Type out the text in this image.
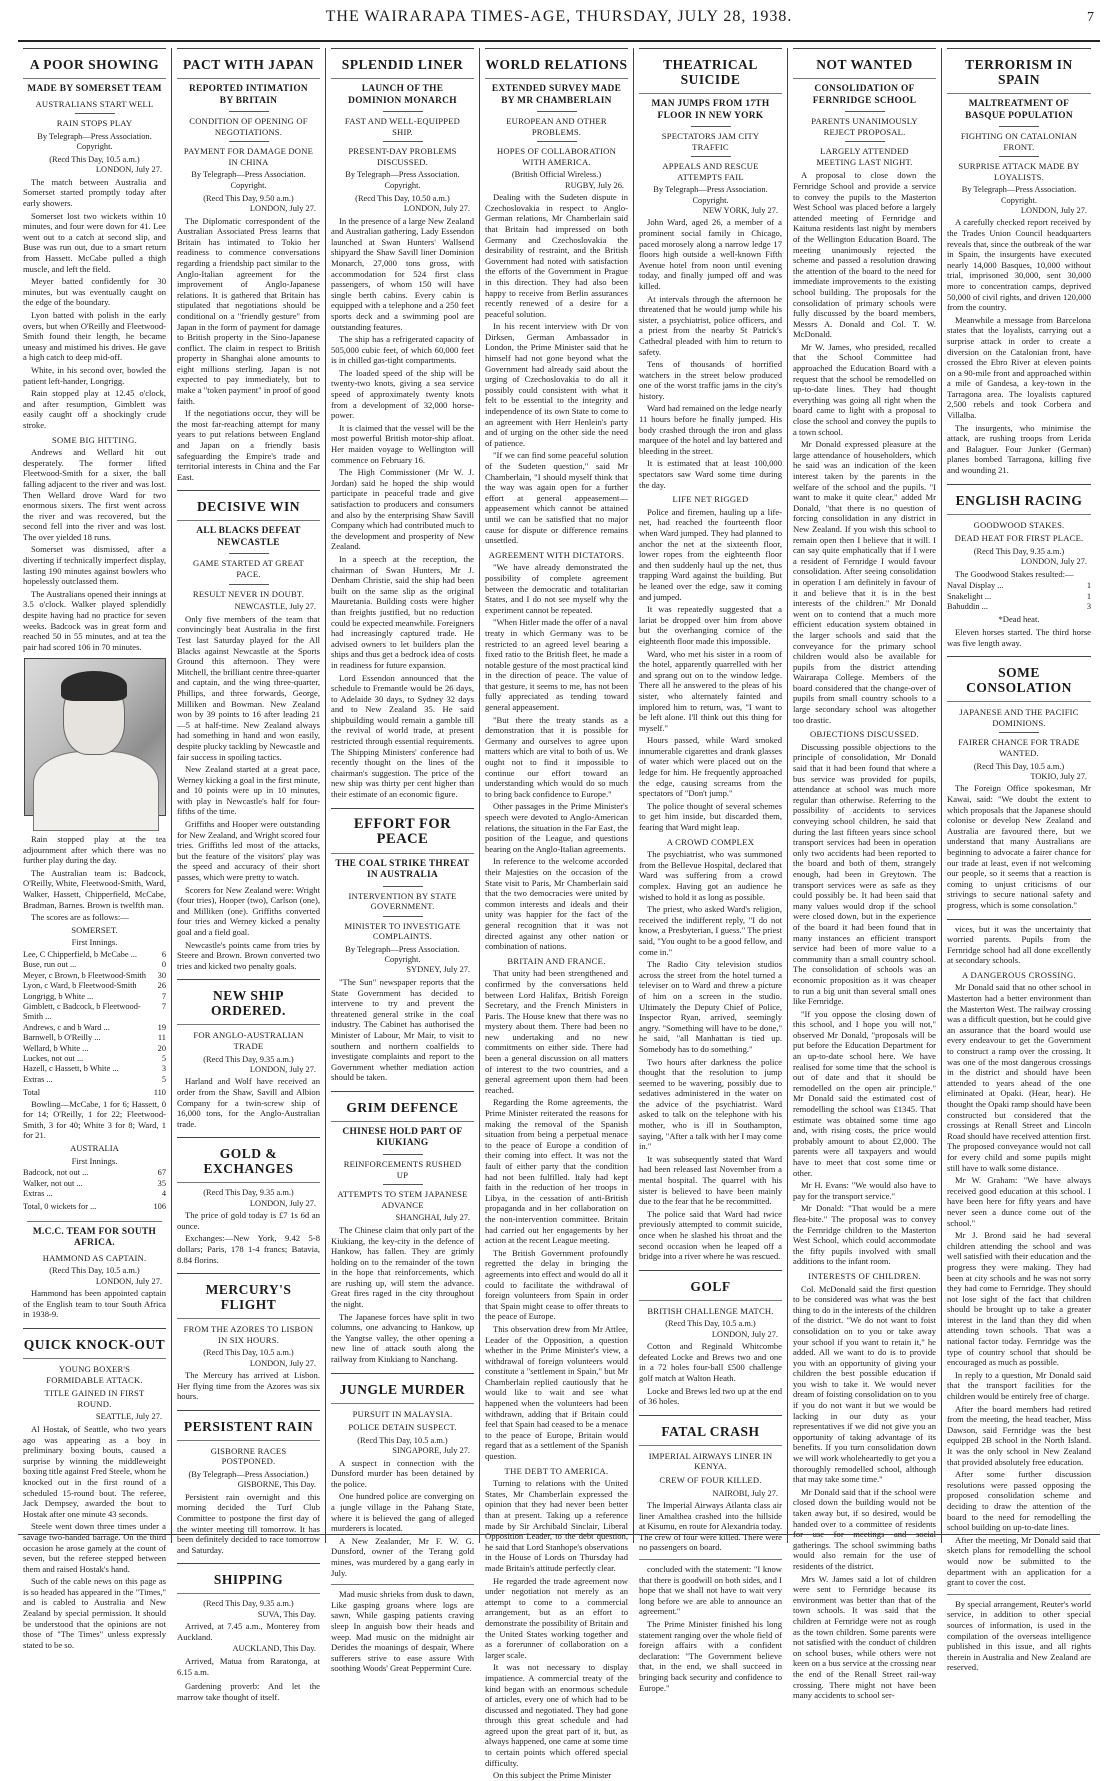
THE WAIRARAPA TIMES-AGE, THURSDAY, JULY 28, 1938.	7
A POOR SHOWING
MADE BY SOMERSET TEAM
AUSTRALIANS START WELL
RAIN STOPS PLAY
By Telegraph—Press Association. Copyright.
(Recd This Day, 10.5 a.m.)
LONDON, July 27.
The match between Australia and Somerset started promptly today after early showers.
Somerset lost two wickets within 10 minutes, and four were down for 41. Lee went out to a catch at second slip, and Buse was run out, due to a smart return from Hassett. McCabe pulled a thigh muscle, and left the field.
Meyer batted confidently for 30 minutes, but was eventually caught on the edge of the boundary.
Lyon batted with polish in the early overs, but when O'Reilly and Fleetwood-Smith found their length, he became uneasy and mistimed his drives. He gave a high catch to deep mid-off.
White, in his second over, bowled the patient left-hander, Longrigg.
Rain stopped play at 12.45 o'clock, and after resumption, Gimblett was easily caught off a shockingly crude stroke.
SOME BIG HITTING.
Andrews and Wellard hit out desperately. The former lifted Fleetwood-Smith for a sixer, the ball falling adjacent to the river and was lost. Then Wellard drove Ward for two enormous sixers. The first went across the river and was recovered, but the second fell into the river and was lost. The over yielded 18 runs.
Somerset was dismissed, after a diverting if technically imperfect display, lasting 190 minutes against bowlers who hopelessly outclassed them.
The Australians opened their innings at 3.5 o'clock. Walker played splendidly despite having had no practice for seven weeks. Badcock was in great form and reached 50 in 55 minutes, and at tea the pair had scored 106 in 70 minutes.
Rain stopped play at the tea adjournment after which there was no further play during the day.
The Australian team is: Badcock, O'Reilly, White, Fleetwood-Smith, Ward, Walker, Hassett, Chipperfield, McCabe, Bradman, Barnes. Brown is twelfth man.
The scores are as follows:—
SOMERSET.
First Innings.
Lee, C Chipperfield, b McCabe ...	6
Buse, run out ...	0
Meyer, c Brown, b Fleetwood-Smith	30
Lyon, c Ward, b Fleetwood-Smith	26
Longrigg, b White ...	7
Gimblett, c Badcock, b Fleetwood-Smith ...
7
Andrews, c and b Ward ...	19
Barnwell, b O'Reilly ...	11
Wellard, b White ...	20
Luckes, not out ...	5
Hazell, c Hassett, b White ...	3
Extras ...	5
Total	110
Bowling—McCabe, 1 for 6; Hassett, 0 for 14; O'Reilly, 1 for 22; Fleetwood-Smith, 3 for 40; White 3 for 8; Ward, 1 for 21.
AUSTRALIA
First Innings.
Badcock, not out ...	67
Walker, not out ...	35
Extras ...	4
Total, 0 wickets for ...	106
M.C.C. TEAM FOR SOUTH AFRICA.
HAMMOND AS CAPTAIN.
(Recd This Day, 10.5 a.m.)
LONDON, July 27.
Hammond has been appointed captain of the English team to tour South Africa in 1938-9.
QUICK KNOCK-OUT
YOUNG BOXER'S FORMIDABLE ATTACK.
TITLE GAINED IN FIRST ROUND.
SEATTLE, July 27.
Al Hostak, of Seattle, who two years ago was appearing as a boy in preliminary boxing bouts, caused a surprise by winning the middleweight boxing title against Fred Steele, whom he knocked out in the first round of a scheduled 15-round bout. The referee, Jack Dempsey, awarded the bout to Hostak after one minute 43 seconds.
Steele went down three times under a savage two-handed barrage. On the third occasion he arose gamely at the count of seven, but the referee stepped between them and raised Hostak's hand.
Such of the cable news on this page as is so headed has appeared in the "Times," and is cabled to Australia and New Zealand by special permission. It should be understood that the opinions are not those of "The Times" unless expressly stated to be so.
PACT WITH JAPAN
REPORTED INTIMATION BY BRITAIN
CONDITION OF OPENING OF NEGOTIATIONS.
PAYMENT FOR DAMAGE DONE IN CHINA
By Telegraph—Press Association. Copyright.
(Recd This Day, 9.50 a.m.)
LONDON, July 27.
The Diplomatic correspondent of the Australian Associated Press learns that Britain has intimated to Tokio her readiness to commence conversations regarding a friendship pact similar to the Anglo-Italian agreement for the improvement of Anglo-Japanese relations. It is gathered that Britain has stipulated that negotiations should be conditional on a "friendly gesture" from Japan in the form of payment for damage to British property in the Sino-Japanese conflict. The claim in respect to British property in Shanghai alone amounts to eight millions sterling. Japan is not expected to pay immediately, but to make a "token payment" in proof of good faith.
If the negotiations occur, they will be the most far-reaching attempt for many years to put relations between England and Japan on a friendly basis safeguarding the Empire's trade and territorial interests in China and the Far East.
DECISIVE WIN
ALL BLACKS DEFEAT NEWCASTLE
GAME STARTED AT GREAT PACE.
RESULT NEVER IN DOUBT.
NEWCASTLE, July 27.
Only five members of the team that convincingly beat Australia in the first Test last Saturday played for the All Blacks against Newcastle at the Sports Ground this afternoon. They were Mitchell, the brilliant centre three-quarter and captain, and the wing three-quarter, Phillips, and three forwards, George, Milliken and Bowman. New Zealand won by 39 points to 16 after leading 21—5 at half-time. New Zealand always had something in hand and won easily, despite plucky tackling by Newcastle and fair success in spoiling tactics.
New Zealand started at a great pace, Werney kicking a goal in the first minute, and 10 points were up in 10 minutes, with play in Newcastle's half for four-fifths of the time.
Griffiths and Hooper were outstanding for New Zealand, and Wright scored four tries. Griffiths led most of the attacks, but the feature of the visitors' play was the speed and accuracy of their short passes, which were pretty to watch.
Scorers for New Zealand were: Wright (four tries), Hooper (two), Carlson (one), and Milliken (one). Griffiths converted four tries and Werney kicked a penalty goal and a field goal.
Newcastle's points came from tries by Steere and Brown. Brown converted two tries and kicked two penalty goals.
NEW SHIP ORDERED.
FOR ANGLO-AUSTRALIAN TRADE
(Recd This Day, 9.35 a.m.)
LONDON, July 27.
Harland and Wolf have received an order from the Shaw, Savill and Albion Company for a twin-screw ship of 16,000 tons, for the Anglo-Australian trade.
GOLD & EXCHANGES
(Recd This Day, 9.35 a.m.)
LONDON, July 27.
The price of gold today is £7 1s 6d an ounce.
Exchanges:—New York, 9.42 5-8 dollars; Paris, 178 1-4 francs; Batavia, 8.84 florins.
MERCURY'S FLIGHT
FROM THE AZORES TO LISBON IN SIX HOURS.
(Recd This Day, 10.5 a.m.)
LONDON, July 27.
The Mercury has arrived at Lisbon. Her flying time from the Azores was six hours.
PERSISTENT RAIN
GISBORNE RACES POSTPONED.
(By Telegraph—Press Association.)
GISBORNE, This Day.
Persistent rain overnight and this morning decided the Turf Club Committee to postpone the first day of the winter meeting till tomorrow. It has been definitely decided to race tomorrow and Saturday.
SHIPPING
(Recd This Day, 9.35 a.m.)
SUVA, This Day.
Arrived, at 7.45 a.m., Monterey from Auckland.
AUCKLAND, This Day.
Arrived, Matua from Raratonga, at 6.15 a.m.
Gardening proverb: And let the marrow take thought of itself.
SPLENDID LINER
LAUNCH OF THE DOMINION MONARCH
FAST AND WELL-EQUIPPED SHIP.
PRESENT-DAY PROBLEMS DISCUSSED.
By Telegraph—Press Association. Copyright.
(Recd This Day, 10.50 a.m.)
LONDON, July 27.
In the presence of a large New Zealand and Australian gathering, Lady Essendon launched at Swan Hunters' Wallsend shipyard the Shaw Savill liner Dominion Monarch, 27,000 tons gross, with accommodation for 524 first class passengers, of whom 150 will have single berth cabins. Every cabin is equipped with a telephone and a 250 feet sports deck and a swimming pool are outstanding features.
The ship has a refrigerated capacity of 505,000 cubic feet, of which 60,000 feet is in chilled gas-tight compartments.
The loaded speed of the ship will be twenty-two knots, giving a sea service speed of approximately twenty knots from a development of 32,000 horse-power.
It is claimed that the vessel will be the most powerful British motor-ship afloat. Her maiden voyage to Wellington will commence on February 16.
The High Commissioner (Mr W. J. Jordan) said he hoped the ship would participate in peaceful trade and give satisfaction to producers and consumers and also by the enterprising Shaw Savill Company which had contributed much to the development and prosperity of New Zealand.
In a speech at the reception, the chairman of Swan Hunters, Mr J. Denham Christie, said the ship had been built on the same slip as the original Mauretania. Building costs were higher than freights justified, but no reduction could be expected meanwhile. Foreigners had increasingly captured trade. He advised owners to let builders plan the ships and thus get a bedrock idea of costs in readiness for future expansion.
Lord Essendon announced that the schedule to Fremantle would be 26 days, to Adelaide 30 days, to Sydney 32 days and to New Zealand 35. He said shipbuilding would remain a gamble till the revival of world trade, at present restricted through essential requirements. The Shipping Ministers' conference had recently thought on the lines of the chairman's suggestion. The price of the new ship was thirty per cent higher than their estimate of an economic figure.
EFFORT FOR PEACE
THE COAL STRIKE THREAT IN AUSTRALIA
INTERVENTION BY STATE GOVERNMENT.
MINISTER TO INVESTIGATE COMPLAINTS.
By Telegraph—Press Association. Copyright.
SYDNEY, July 27.
"The Sun" newspaper reports that the State Government has decided to intervene to try and prevent the threatened general strike in the coal industry. The Cabinet has authorised the Minister of Labour, Mr Mair, to visit to southern and northern coalfields to investigate complaints and report to the Government whether mediation action should be taken.
GRIM DEFENCE
CHINESE HOLD PART OF KIUKIANG
REINFORCEMENTS RUSHED UP
ATTEMPTS TO STEM JAPANESE ADVANCE
SHANGHAI, July 27.
The Chinese claim that only part of the Kiukiang, the key-city in the defence of Hankow, has fallen. They are grimly holding on to the remainder of the town in the hope that reinforcements, which are rushing up, will stem the advance. Great fires raged in the city throughout the night.
The Japanese forces have split in two columns, one advancing to Hankow, up the Yangtse valley, the other opening a new line of attack south along the railway from Kiukiang to Nanchang.
JUNGLE MURDER
PURSUIT IN MALAYSIA.
POLICE DETAIN SUSPECT.
(Recd This Day, 10.5 a.m.)
SINGAPORE, July 27.
A suspect in connection with the Dunsford murder has been detained by the police.
One hundred police are converging on a jungle village in the Pahang State, where it is believed the gang of alleged murderers is located.
A New Zealander, Mr F. W. G. Dunsford, owner of the Terang gold mines, was murdered by a gang early in July.
Mad music shrieks from dusk to dawn, Like gasping groans where logs are sawn, While gasping patients craving sleep In anguish bow their heads and weep. Mad music on the midnight air Derides the moanings of despair, Where sufferers strive to ease assure With soothing Woods' Great Peppermint Cure.
WORLD RELATIONS
EXTENDED SURVEY MADE BY MR CHAMBERLAIN
EUROPEAN AND OTHER PROBLEMS.
HOPES OF COLLABORATION WITH AMERICA.
(British Official Wireless.)
RUGBY, July 26.
Dealing with the Sudeten dispute in Czechoslovakia in respect to Anglo-German relations, Mr Chamberlain said that Britain had impressed on both Germany and Czechoslovakia the desirability of restraint, and the British Government had noted with satisfaction the efforts of the Government in Prague in this direction. They had also been happy to receive from Berlin assurances recently renewed of a desire for a peaceful solution.
In his recent interview with Dr von Dirksen, German Ambassador in London, the Prime Minister said that he himself had not gone beyond what the Government had already said about the urging of Czechoslovakia to do all it possibly could consistent with what it felt to be essential to the integrity and independence of its own State to come to an agreement with Herr Henlein's party and of urging on the other side the need of patience.
"If we can find some peaceful solution of the Sudeten question," said Mr Chamberlain, "I should myself think that the way was again open for a further effort at general appeasement—appeasement which cannot be attained until we can be satisfied that no major cause for dispute or difference remains unsettled.
AGREEMENT WITH DICTATORS.
"We have already demonstrated the possibility of complete agreement between the democratic and totalitarian States, and I do not see myself why the experiment cannot be repeated.
"When Hitler made the offer of a naval treaty in which Germany was to be restricted to an agreed level bearing a fixed ratio to the British fleet, he made a notable gesture of the most practical kind in the direction of peace. The value of that gesture, it seems to me, has not been fully appreciated as tending toward general appeasement.
"But there the treaty stands as a demonstration that it is possible for Germany and ourselves to agree upon matters which are vital to both of us. We ought not to find it impossible to continue our effort toward an understanding which would do so much to bring back confidence to Europe."
Other passages in the Prime Minister's speech were devoted to Anglo-American relations, the situation in the Far East, the position of the League, and questions bearing on the Anglo-Italian agreements.
In reference to the welcome accorded their Majesties on the occasion of the State visit to Paris, Mr Chamberlain said that the two democracies were united by common interests and ideals and their unity was happier for the fact of the general recognition that it was not directed against any other nation or combination of nations.
BRITAIN AND FRANCE.
That unity had been strengthened and confirmed by the conversations held between Lord Halifax, British Foreign Secretary, and the French Ministers in Paris. The House knew that there was no mystery about them. There had been no new undertaking and no new commitments on either side. There had been a general discussion on all matters of interest to the two countries, and a general agreement upon them had been reached.
Regarding the Rome agreements, the Prime Minister reiterated the reasons for making the removal of the Spanish situation from being a perpetual menace to the peace of Europe a condition of their coming into effect. It was not the fault of either party that the condition had not been fulfilled. Italy had kept faith in the reduction of her troops in Libya, in the cessation of anti-British propaganda and in her collaboration on the non-intervention committee. Britain had carried out her engagements by her action at the recent League meeting.
The British Government profoundly regretted the delay in bringing the agreements into effect and would do all it could to facilitate the withdrawal of foreign volunteers from Spain in order that Spain might cease to offer threats to the peace of Europe.
This observation drew from Mr Attlee, Leader of the Opposition, a question whether in the Prime Minister's view, a withdrawal of foreign volunteers would constitute a "settlement in Spain," but Mr Chamberlain replied cautiously that he would like to wait and see what happened when the volunteers had been withdrawn, adding that if Britain could feel that Spain had ceased to be a menace to the peace of Europe, Britain would regard that as a settlement of the Spanish question.
THE DEBT TO AMERICA.
Turning to relations with the United States, Mr Chamberlain expressed the opinion that they had never been better than at present. Taking up a reference made by Sir Archibald Sinclair, Liberal Opposition Leader, to the debt question, he said that Lord Stanhope's observations in the House of Lords on Thursday had made Britain's attitude perfectly clear.
He regarded the trade agreement now under negotiation not merely as an attempt to come to a commercial arrangement, but as an effort to demonstrate the possibility of Britain and the United States working together and as a forerunner of collaboration on a larger scale.
It was not necessary to display impatience. A commercial treaty of the kind began with an enormous schedule of articles, every one of which had to be discussed and negotiated. They had gone through this great schedule and had agreed upon the great part of it, but, as always happened, one came at some time to certain points which offered special difficulty.
On this subject the Prime Minister
THEATRICAL SUICIDE
MAN JUMPS FROM 17TH FLOOR IN NEW YORK
SPECTATORS JAM CITY TRAFFIC
APPEALS AND RESCUE ATTEMPTS FAIL
By Telegraph—Press Association. Copyright.
NEW YORK, July 27.
John Ward, aged 26, a member of a prominent social family in Chicago, paced morosely along a narrow ledge 17 floors high outside a well-known Fifth Avenue hotel from noon until evening today, and finally jumped off and was killed.
At intervals through the afternoon he threatened that he would jump while his sister, a psychiatrist, police officers, and a priest from the nearby St Patrick's Cathedral pleaded with him to return to safety.
Tens of thousands of horrified watchers in the street below produced one of the worst traffic jams in the city's history.
Ward had remained on the ledge nearly 11 hours before he finally jumped. His body crashed through the iron and glass marquee of the hotel and lay battered and bleeding in the street.
It is estimated that at least 100,000 spectators saw Ward some time during the day.
LIFE NET RIGGED
Police and firemen, hauling up a life-net, had reached the fourteenth floor when Ward jumped. They had planned to anchor the net at the sixteenth floor, lower ropes from the eighteenth floor and then suddenly haul up the net, thus trapping Ward against the building. But he leaned over the edge, saw it coming and jumped.
It was repeatedly suggested that a lariat be dropped over him from above but the overhanging cornice of the eighteenth floor made this impossible.
Ward, who met his sister in a room of the hotel, apparently quarrelled with her and sprang out on to the window ledge. There all he answered to the pleas of his sister, who alternately fainted and implored him to return, was, "I want to be left alone. I'll think out this thing for myself."
Hours passed, while Ward smoked innumerable cigarettes and drank glasses of water which were placed out on the ledge for him. He frequently approached the edge, causing screams from the spectators of "Don't jump."
The police thought of several schemes to get him inside, but discarded them, fearing that Ward might leap.
A CROWD COMPLEX
The psychiatrist, who was summoned from the Bellevue Hospital, declared that Ward was suffering from a crowd complex. Having got an audience he wished to hold it as long as possible.
The priest, who asked Ward's religion, received the indifferent reply, "I do not know, a Presbyterian, I guess." The priest said, "You ought to be a good fellow, and come in."
The Radio City television studios across the street from the hotel turned a televiser on to Ward and threw a picture of him on a screen in the studio. Ultimately the Deputy Chief of Police, Inspector Ryan, arrived, seemingly angry. "Something will have to be done," he said, "all Manhattan is tied up. Somebody has to do something."
Two hours after darkness the police thought that the resolution to jump seemed to be wavering, possibly due to sedatives administered in the water on the advice of the psychiatrist. Ward asked to talk on the telephone with his mother, who is ill in Southampton, saying, "After a talk with her I may come in."
It was subsequently stated that Ward had been released last November from a mental hospital. The quarrel with his sister is believed to have been mainly due to the fear that he be recommitted.
The police said that Ward had twice previously attempted to commit suicide, once when he slashed his throat and the second occasion when he leaped off a bridge into a river where he was rescued.
GOLF
BRITISH CHALLENGE MATCH.
(Recd This Day, 10.5 a.m.)
LONDON, July 27.
Cotton and Reginald Whitcombe defeated Locke and Brews two and one in a 72 holes four-ball £500 challenge golf match at Walton Heath.
Locke and Brews led two up at the end of 36 holes.
FATAL CRASH
IMPERIAL AIRWAYS LINER IN KENYA.
CREW OF FOUR KILLED.
NAIROBI, July 27.
The Imperial Airways Atlanta class air liner Amalthea crashed into the hillside at Kisumu, en route for Alexandria today. The crew of four were killed. There were no passengers on board.
concluded with the statement: "I know that there is goodwill on both sides, and I hope that we shall not have to wait very long before we are able to announce an agreement."
The Prime Minister finished his long statement ranging over the whole field of foreign affairs with a confident declaration: "The Government believe that, in the end, we shall succeed in bringing back security and confidence to Europe."
NOT WANTED
CONSOLIDATION OF FERNRIDGE SCHOOL
PARENTS UNANIMOUSLY REJECT PROPOSAL.
LARGELY ATTENDED MEETING LAST NIGHT.
A proposal to close down the Fernridge School and provide a service to convey the pupils to the Masterton West School was placed before a largely attended meeting of Fernridge and Kaituna residents last night by members of the Wellington Education Board. The meeting unanimously rejected the scheme and passed a resolution drawing the attention of the board to the need for immediate improvements to the existing school building. The proposals for the consolidation of primary schools were fully discussed by the board members, Messrs A. Donald and Col. T. W. McDonald.
Mr W. James, who presided, recalled that the School Committee had approached the Education Board with a request that the school be remodelled on up-to-date lines. They had thought everything was going all right when the board came to light with a proposal to close the school and convey the pupils to a town school.
Mr Donald expressed pleasure at the large attendance of householders, which he said was an indication of the keen interest taken by the parents in the welfare of the school and the pupils. "I want to make it quite clear," added Mr Donald, "that there is no question of forcing consolidation in any district in New Zealand. If you wish this school to remain open then I believe that it will. I can say quite emphatically that if I were a resident of Fernridge I would favour consolidation. After seeing consolidation in operation I am definitely in favour of it and believe that it is in the best interests of the children." Mr Donald went on to contend that a much more efficient education system obtained in the larger schools and said that the conveyance for the primary school children would also be available for pupils from the district attending Wairarapa College. Members of the board considered that the change-over of pupils from small country schools to a large secondary school was altogether too drastic.
OBJECTIONS DISCUSSED.
Discussing possible objections to the principle of consolidation, Mr Donald said that it had been found that where a bus service was provided for pupils, attendance at school was much more regular than otherwise. Referring to the possibility of accidents to services conveying school children, he said that during the last fifteen years since school transport services had been in operation only two accidents had been reported to the board and both of them, strangely enough, had been in Greytown. The transport services were as safe as they could possibly be. It had been said that many values would drop if the school were closed down, but in the experience of the board it had been found that in many instances an efficient transport service had been of more value to a community than a small country school. The consolidation of schools was an economic proposition as it was cheaper to run a big unit than several small ones like Fernridge.
"If you oppose the closing down of this school, and I hope you will not," observed Mr Donald, "proposals will be put before the Education Department for an up-to-date school here. We have realised for some time that the school is out of date and that it should be remodelled on the open air principle." Mr Donald said the estimated cost of remodelling the school was £1345. That estimate was obtained some time ago and, with rising costs, the price would probably amount to about £2,000. The parents were all taxpayers and would have to meet that cost some time or other.
Mr H. Evans: "We would also have to pay for the transport service."
Mr Donald: "That would be a mere flea-bite." The proposal was to convey the Fernridge children to the Masterton West School, which could accommodate the fifty pupils involved with small additions to the infant room.
INTERESTS OF CHILDREN.
Col. McDonald said the first question to be considered was what was the best thing to do in the interests of the children of the district. "We do not want to foist consolidation on to you or take away your school if you want to retain it," he added. All we want to do is to provide you with an opportunity of giving your children the best possible education if you wish to take it. We would never dream of foisting consolidation on to you if you do not want it but we would be lacking in our duty as your representatives if we did not give you an opportunity of taking advantage of its benefits. If you turn consolidation down we will work wholeheartedly to get you a thoroughly remodelled school, although that may take some time."
Mr Donald said that if the school were closed down the building would not be taken away but, if so desired, would be handed over to a committee of residents for use for meetings and social gatherings. The school swimming baths would also remain for the use of residents of the district.
Mrs W. James said a lot of children were sent to Fernridge because its environment was better than that of the town schools. It was said that the children at Fernridge were not as rough as the town children. Some parents were not satisfied with the conduct of children on school buses, while others were not keen on a bus service at the crossing near the end of the Renall Street rail-way crossing. There might not have been many accidents to school ser-
TERRORISM IN SPAIN
MALTREATMENT OF BASQUE POPULATION
FIGHTING ON CATALONIAN FRONT.
SURPRISE ATTACK MADE BY LOYALISTS.
By Telegraph—Press Association. Copyright.
LONDON, July 27.
A carefully checked report received by the Trades Union Council headquarters reveals that, since the outbreak of the war in Spain, the insurgents have executed nearly 14,000 Basques, 10,000 without trial, imprisoned 30,000, sent 30,000 more to concentration camps, deprived 50,000 of civil rights, and driven 120,000 from the country.
Meanwhile a message from Barcelona states that the loyalists, carrying out a surprise attack in order to create a diversion on the Catalonian front, have crossed the Ebro River at eleven points on a 90-mile front and approached within a mile of Gandesa, a key-town in the Tarragona area. The loyalists captured 2,500 rebels and took Corbera and Villalba.
The insurgents, who minimise the attack, are rushing troops from Lerida and Balaguer. Four Junker (German) planes bombed Tarragona, killing five and wounding 21.
ENGLISH RACING
GOODWOOD STAKES.
DEAD HEAT FOR FIRST PLACE.
(Recd This Day, 9.35 a.m.)
LONDON, July 27.
The Goodwood Stakes resulted:—
Naval Display ...	1
Snakelight ...	1
Bahuddin ...	3
*Dead heat.
Eleven horses started. The third horse was five length away.
SOME CONSOLATION
JAPANESE AND THE PACIFIC DOMINIONS.
FAIRER CHANCE FOR TRADE WANTED.
(Recd This Day, 10.5 a.m.)
TOKIO, July 27.
The Foreign Office spokesman, Mr Kawai, said: "We doubt the extent to which proposals that the Japanese should colonise or develop New Zealand and Australia are favoured there, but we understand that many Australians are beginning to advocate a fairer chance for our trade at least, even if not welcoming our people, so it seems that a reaction is coming to unjust criticisms of our strivings to secure national safety and progress, which is some consolation."
vices, but it was the uncertainty that worried parents. Pupils from the Fernridge school had all done excellently at secondary schools.
A DANGEROUS CROSSING.
Mr Donald said that no other school in Masterton had a better environment than the Masterton West. The railway crossing was a difficult question, but he could give an assurance that the board would use every endeavour to get the Government to construct a ramp over the crossing. It was one of the most dangerous crossings in the district and should have been attended to years ahead of the one eliminated at Opaki. (Hear, hear). He thought the Opaki ramp should have been constructed but considered that the crossings at Renall Street and Lincoln Road should have received attention first. The proposed conveyance would not call for every child and some pupils might still have to walk some distance.
Mr W. Graham: "We have always received good education at this school. I have been here for fifty years and have never seen a dunce come out of the school."
Mr J. Brond said he had several children attending the school and was well satisfied with their education and the progress they were making. They had been at city schools and he was not sorry they had come to Fernridge. They should not lose sight of the fact that children should be brought up to take a greater interest in the land than they did when attending town schools. That was a national factor today. Fernridge was the type of country school that should be encouraged as much as possible.
In reply to a question, Mr Donald said that the transport facilities for the children would be entirely free of charge.
After the board members had retired from the meeting, the head teacher, Miss Dawson, said Fernridge was the best equipped 2B school in the North Island. It was the only school in New Zealand that provided absolutely free education.
After some further discussion resolutions were passed opposing the proposed consolidation scheme and deciding to draw the attention of the board to the need for remodelling the school building on up-to-date lines.
After the meeting, Mr Donald said that sketch plans for remodelling the school would now be submitted to the department with an application for a grant to cover the cost.
By special arrangement, Reuter's world service, in addition to other special sources of information, is used in the compilation of the overseas intelligence published in this issue, and all rights therein in Australia and New Zealand are reserved.
